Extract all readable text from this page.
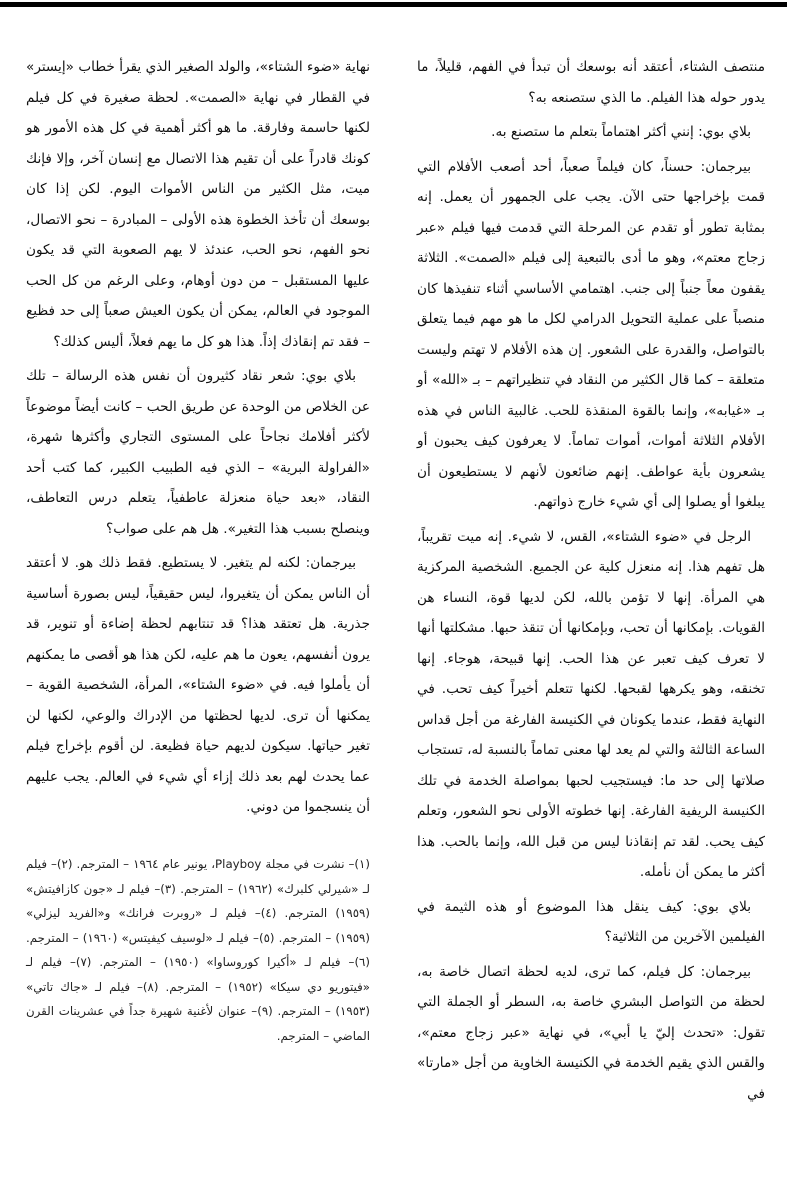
منتصف الشتاء، أعتقد أنه بوسعك أن تبدأ في الفهم، قليلاً، ما يدور حوله هذا الفيلم. ما الذي ستصنعه به؟

بلاي بوي: إنني أكثر اهتماماً بتعلم ما ستصنع به.

بيرجمان: حسناً، كان فيلماً صعباً، أحد أصعب الأفلام التي قمت بإخراجها حتى الآن. يجب على الجمهور أن يعمل. إنه بمثابة تطور أو تقدم عن المرحلة التي قدمت فيها فيلم «عبر زجاج معتم»، وهو ما أدى بالتبعية إلى فيلم «الصمت». الثلاثة يقفون معاً جنباً إلى جنب. اهتمامي الأساسي أثناء تنفيذها كان منصباً على عملية التحويل الدرامي لكل ما هو مهم فيما يتعلق بالتواصل، والقدرة على الشعور. إن هذه الأفلام لا تهتم وليست متعلقة – كما قال الكثير من النقاد في تنظيراتهم – بـ «الله» أو بـ «غيابه»، وإنما بالقوة المنقذة للحب. غالبية الناس في هذه الأفلام الثلاثة أموات، أموات تماماً. لا يعرفون كيف يحبون أو يشعرون بأية عواطف. إنهم ضائعون لأنهم لا يستطيعون أن يبلغوا أو يصلوا إلى أي شيء خارج ذواتهم.

الرجل في «ضوء الشتاء»، القس، لا شيء. إنه ميت تقريباً، هل تفهم هذا. إنه منعزل كلية عن الجميع. الشخصية المركزية هي المرأة. إنها لا تؤمن بالله، لكن لديها قوة، النساء هن القويات. بإمكانها أن تحب، وبإمكانها أن تنقذ حبها. مشكلتها أنها لا تعرف كيف تعبر عن هذا الحب. إنها قبيحة، هوجاء. إنها تخنقه، وهو يكرهها لقبحها. لكنها تتعلم أخيراً كيف تحب. في النهاية فقط، عندما يكونان في الكنيسة الفارغة من أجل قداس الساعة الثالثة والتي لم يعد لها معنى تماماً بالنسبة له، تستجاب صلاتها إلى حد ما: فيستجيب لحبها بمواصلة الخدمة في تلك الكنيسة الريفية الفارغة. إنها خطوته الأولى نحو الشعور، وتعلم كيف يحب. لقد تم إنقاذنا ليس من قبل الله، وإنما بالحب. هذا أكثر ما يمكن أن نأمله.

بلاي بوي: كيف ينقل هذا الموضوع أو هذه الثيمة في الفيلمين الآخرين من الثلاثية؟

بيرجمان: كل فيلم، كما ترى، لديه لحظة اتصال خاصة به، لحظة من التواصل البشري خاصة به، السطر أو الجملة التي تقول: «تحدث إليّ يا أبي»، في نهاية «عبر زجاج معتم»، والقس الذي يقيم الخدمة في الكنيسة الخاوية من أجل «مارتا» في

نهاية «ضوء الشتاء»، والولد الصغير الذي يقرأ خطاب «إيستر» في القطار في نهاية «الصمت». لحظة صغيرة في كل فيلم لكنها حاسمة وفارقة. ما هو أكثر أهمية في كل هذه الأمور هو كونك قادراً على أن تقيم هذا الاتصال مع إنسان آخر، وإلا فإنك ميت، مثل الكثير من الناس الأموات اليوم. لكن إذا كان بوسعك أن تأخذ الخطوة هذه الأولى – المبادرة – نحو الاتصال، نحو الفهم، نحو الحب، عندئذ لا يهم الصعوبة التي قد يكون عليها المستقبل – من دون أوهام، وعلى الرغم من كل الحب الموجود في العالم، يمكن أن يكون العيش صعباً إلى حد فظيع – فقد تم إنقاذك إذاً. هذا هو كل ما يهم فعلاً، أليس كذلك؟

بلاي بوي: شعر نقاد كثيرون أن نفس هذه الرسالة – تلك عن الخلاص من الوحدة عن طريق الحب – كانت أيضاً موضوعاً لأكثر أفلامك نجاحاً على المستوى التجاري وأكثرها شهرة، «الفراولة البرية» – الذي فيه الطبيب الكبير، كما كتب أحد النقاد، «بعد حياة منعزلة عاطفياً، يتعلم درس التعاطف، وينصلح بسبب هذا التغير». هل هم على صواب؟

بيرجمان: لكنه لم يتغير. لا يستطيع. فقط ذلك هو. لا أعتقد أن الناس يمكن أن يتغيروا، ليس حقيقياً، ليس بصورة أساسية جذرية. هل تعتقد هذا؟ قد تنتابهم لحظة إضاءة أو تنوير، قد يرون أنفسهم، يعون ما هم عليه، لكن هذا هو أقصى ما يمكنهم أن يأملوا فيه. في «ضوء الشتاء»، المرأة، الشخصية القوية – يمكنها أن ترى. لديها لحظتها من الإدراك والوعي، لكنها لن تغير حياتها. سيكون لديهم حياة فظيعة. لن أقوم بإخراج فيلم عما يحدث لهم بعد ذلك إزاء أي شيء في العالم. يجب عليهم أن ينسجموا من دوني.

(١)– نشرت في مجلة Playboy، يونير عام ١٩٦٤ – المترجم. (٢)– فيلم لـ «شيرلي كلبرك» (١٩٦٢) – المترجم. (٣)– فيلم لـ «جون كازافيتش» (١٩٥٩) المترجم. (٤)– فيلم لـ «روبرت فرانك» و«الفريد ليزلي» (١٩٥٩) – المترجم. (٥)– فيلم لـ «لوسيف كيفيتس» (١٩٦٠) – المترجم. (٦)– فيلم لـ «أكيرا كوروساوا» (١٩٥٠) – المترجم. (٧)– فيلم لـ «فيتوريو دي سيكا» (١٩٥٢) – المترجم. (٨)– فيلم لـ «جاك تاتي» (١٩٥٣) – المترجم. (٩)– عنوان لأغنية شهيرة جداً في عشرينات القرن الماضي – المترجم.
